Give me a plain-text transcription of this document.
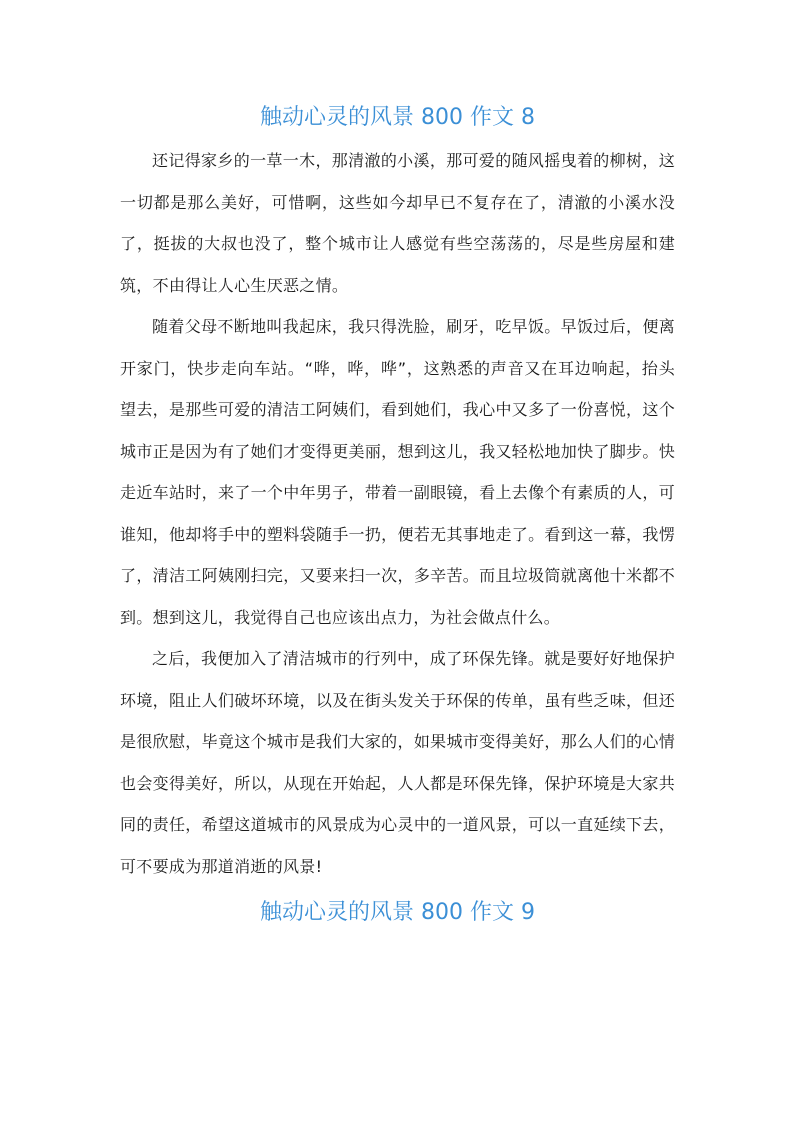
触动心灵的风景 800 作文 8

还记得家乡的一草一木，那清澈的小溪，那可爱的随风摇曳着的柳树，这一切都是那么美好，可惜啊，这些如今却早已不复存在了，清澈的小溪水没了，挺拔的大叔也没了，整个城市让人感觉有些空荡荡的，尽是些房屋和建筑，不由得让人心生厌恶之情。

随着父母不断地叫我起床，我只得洗脸，刷牙，吃早饭。早饭过后，便离开家门，快步走向车站。“哗，哗，哗”，这熟悉的声音又在耳边响起，抬头望去，是那些可爱的清洁工阿姨们，看到她们，我心中又多了一份喜悦，这个城市正是因为有了她们才变得更美丽，想到这儿，我又轻松地加快了脚步。快走近车站时，来了一个中年男子，带着一副眼镜，看上去像个有素质的人，可谁知，他却将手中的塑料袋随手一扔，便若无其事地走了。看到这一幕，我愣了，清洁工阿姨刚扫完，又要来扫一次，多辛苦。而且垃圾筒就离他十米都不到。想到这儿，我觉得自己也应该出点力，为社会做点什么。

之后，我便加入了清洁城市的行列中，成了环保先锋。就是要好好地保护环境，阻止人们破坏环境，以及在街头发关于环保的传单，虽有些乏味，但还是很欣慰，毕竟这个城市是我们大家的，如果城市变得美好，那么人们的心情也会变得美好，所以，从现在开始起，人人都是环保先锋，保护环境是大家共同的责任，希望这道城市的风景成为心灵中的一道风景，可以一直延续下去，可不要成为那道消逝的风景!

触动心灵的风景 800 作文 9
